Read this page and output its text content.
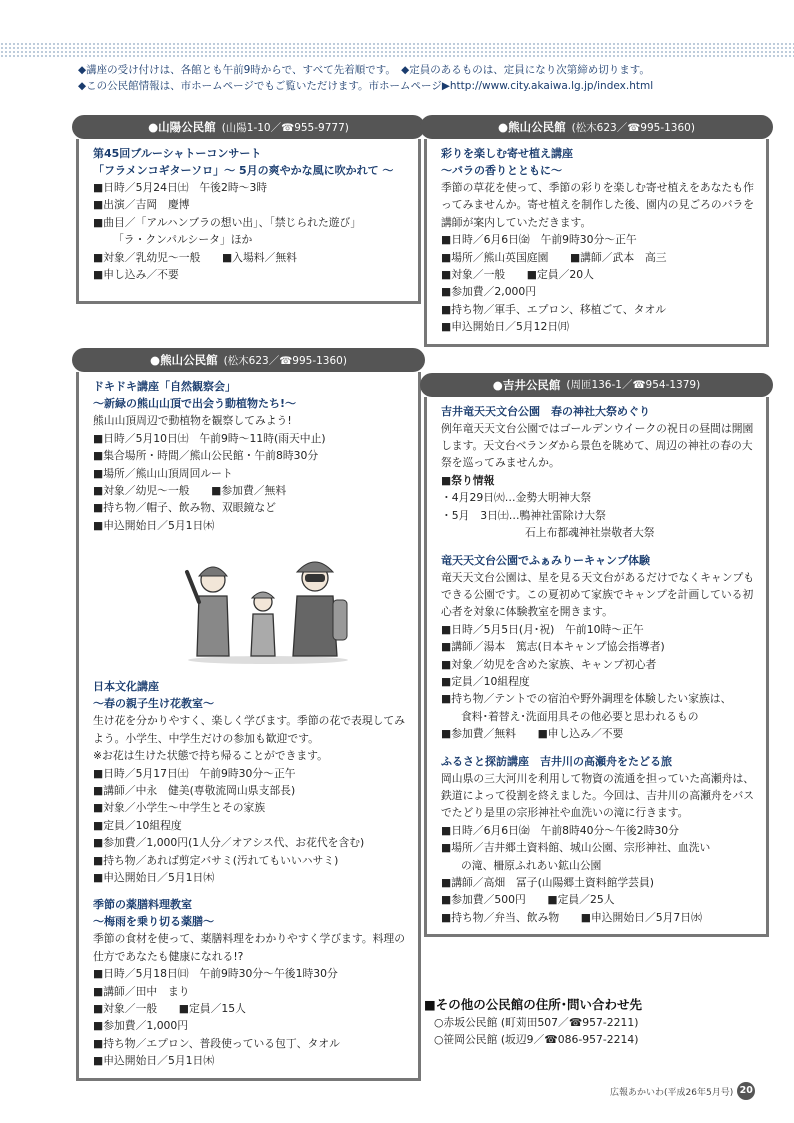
◆講座の受け付けは、各館とも午前9時からで、すべて先着順です。　◆定員のあるものは、定員になり次第締め切ります。
◆この公民館情報は、市ホームページでもご覧いただけます。市ホームページ▶http://www.city.akaiwa.lg.jp/index.html
●山陽公民館 (山陽1-10／☎955-9777)
第45回ブルーシャトーコンサート
「フラメンコギターソロ」～ 5月の爽やかな風に吹かれて ～
■日時／5月24日㈯　午後2時～3時
■出演／吉岡　慶博
■曲目／「アルハンブラの想い出」、「禁じられた遊び」
「ラ・クンパルシータ」ほか
■対象／乳幼児～一般　　■入場料／無料
■申し込み／不要
●熊山公民館 (松木623／☎995-1360)
ドキドキ講座「自然観察会」
～新緑の熊山山頂で出会う動植物たち!～
熊山山頂周辺で動植物を観察してみよう!
■日時／5月10日㈯　午前9時～11時(雨天中止)
■集合場所・時間／熊山公民館・午前8時30分
■場所／熊山山頂周回ルート
■対象／幼児～一般　　■参加費／無料
■持ち物／帽子、飲み物、双眼鏡など
■申込開始日／5月1日㈭
日本文化講座
～春の親子生け花教室～
生け花を分かりやすく、楽しく学びます。季節の花で表現してみよう。小学生、中学生だけの参加も歓迎です。
※お花は生けた状態で持ち帰ることができます。
■日時／5月17日㈯　午前9時30分～正午
■講師／中永　健美(専敬流岡山県支部長)
■対象／小学生～中学生とその家族
■定員／10組程度
■参加費／1,000円(1人分／オアシス代、お花代を含む)
■持ち物／あれば剪定バサミ(汚れてもいいハサミ)
■申込開始日／5月1日㈭
季節の薬膳料理教室
～梅雨を乗り切る薬膳～
季節の食材を使って、薬膳料理をわかりやすく学びます。料理の仕方であなたも健康になれる!?
■日時／5月18日㈰　午前9時30分～午後1時30分
■講師／田中　まり
■対象／一般　　■定員／15人
■参加費／1,000円
■持ち物／エプロン、普段使っている包丁、タオル
■申込開始日／5月1日㈭
●熊山公民館 (松木623／☎995-1360)
彩りを楽しむ寄せ植え講座
～バラの香りとともに～
季節の草花を使って、季節の彩りを楽しむ寄せ植えをあなたも作ってみませんか。寄せ植えを制作した後、園内の見ごろのバラを講師が案内していただきます。
■日時／6月6日㈮　午前9時30分～正午
■場所／熊山英国庭園　　■講師／武本　高三
■対象／一般　　■定員／20人
■参加費／2,000円
■持ち物／軍手、エプロン、移植ごて、タオル
■申込開始日／5月12日㈪
●吉井公民館 (周匝136-1／☎954-1379)
吉井竜天天文台公園　春の神社大祭めぐり
例年竜天天文台公園ではゴールデンウイークの祝日の昼間は開園します。天文台ベランダから景色を眺めて、周辺の神社の春の大祭を巡ってみませんか。
■祭り情報
・4月29日㈫…金勢大明神大祭
・5月　3日㈯…鴨神社雷除け大祭
石上布都魂神社崇敬者大祭
竜天天文台公園でふぁみりーキャンプ体験
竜天天文台公園は、星を見る天文台があるだけでなくキャンプもできる公園です。この夏初めて家族でキャンプを計画している初心者を対象に体験教室を開きます。
■日時／5月5日(月･祝)　午前10時～正午
■講師／湯本　篤志(日本キャンプ協会指導者)
■対象／幼児を含めた家族、キャンプ初心者
■定員／10組程度
■持ち物／テントでの宿泊や野外調理を体験したい家族は、
食料･着替え･洗面用具その他必要と思われるもの
■参加費／無料　　■申し込み／不要
ふるさと探訪講座　吉井川の高瀬舟をたどる旅
岡山県の三大河川を利用して物資の流通を担っていた高瀬舟は、鉄道によって役割を終えました。今回は、吉井川の高瀬舟をバスでたどり是里の宗形神社や血洗いの滝に行きます。
■日時／6月6日㈮　午前8時40分～午後2時30分
■場所／吉井郷土資料館、城山公園、宗形神社、血洗い
の滝、柵原ふれあい鉱山公園
■講師／高畑　冨子(山陽郷土資料館学芸員)
■参加費／500円　　■定員／25人
■持ち物／弁当、飲み物　　■申込開始日／5月7日㈬
■その他の公民館の住所･問い合わせ先
○赤坂公民館 (町苅田507／☎957-2211)
○笹岡公民館 (坂辺9／☎086-957-2214)
広報あかいわ(平成26年5月号) 20
